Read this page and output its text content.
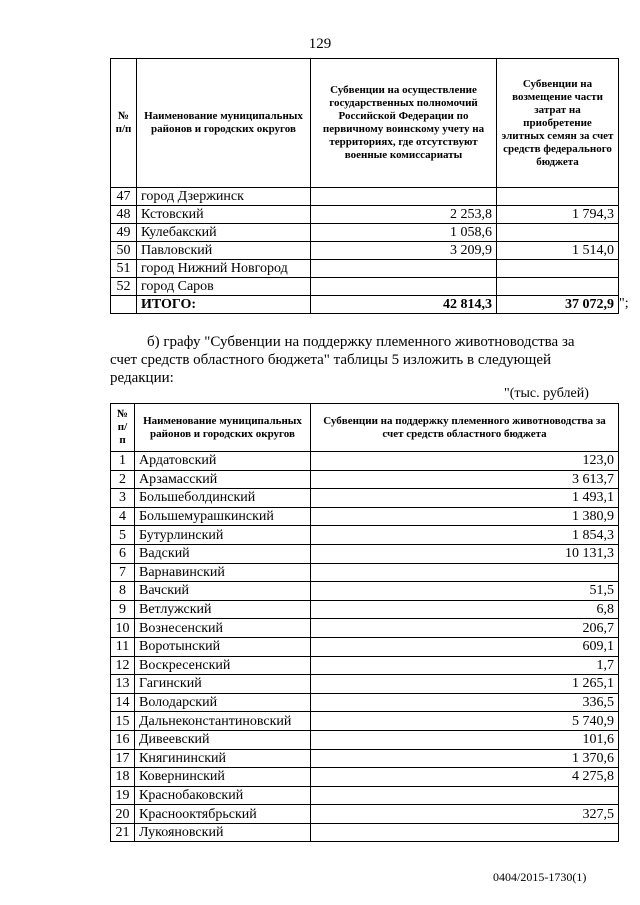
129
№ п/п	Наименование муниципальных районов и городских округов	Субвенции на осуществление государственных полномочий Российской Федерации по первичному воинскому учету на территориях, где отсутствуют военные комиссариаты	Субвенции на возмещение части затрат на приобретение элитных семян за счет средств федерального бюджета
47	город Дзержинск		
48	Кстовский	2 253,8	1 794,3
49	Кулебакский	1 058,6	
50	Павловский	3 209,9	1 514,0
51	город Нижний Новгород		
52	город Саров		
	ИТОГО:	42 814,3	37 072,9 ";
б) графу "Субвенции на поддержку племенного животноводства за
счет средств областного бюджета" таблицы 5 изложить в следующей
редакции:
"(тыс. рублей)
№ п/п	Наименование муниципальных районов и городских округов	Субвенции на поддержку племенного животноводства за счет средств областного бюджета
1	Ардатовский	123,0
2	Арзамасский	3 613,7
3	Большеболдинский	1 493,1
4	Большемурашкинский	1 380,9
5	Бутурлинский	1 854,3
6	Вадский	10 131,3
7	Варнавинский	
8	Вачский	51,5
9	Ветлужский	6,8
10	Вознесенский	206,7
11	Воротынский	609,1
12	Воскресенский	1,7
13	Гагинский	1 265,1
14	Володарский	336,5
15	Дальнеконстантиновский	5 740,9
16	Дивеевский	101,6
17	Княгининский	1 370,6
18	Ковернинский	4 275,8
19	Краснобаковский	
20	Краснооктябрьский	327,5
21	Лукояновский	
0404/2015-1730(1)
